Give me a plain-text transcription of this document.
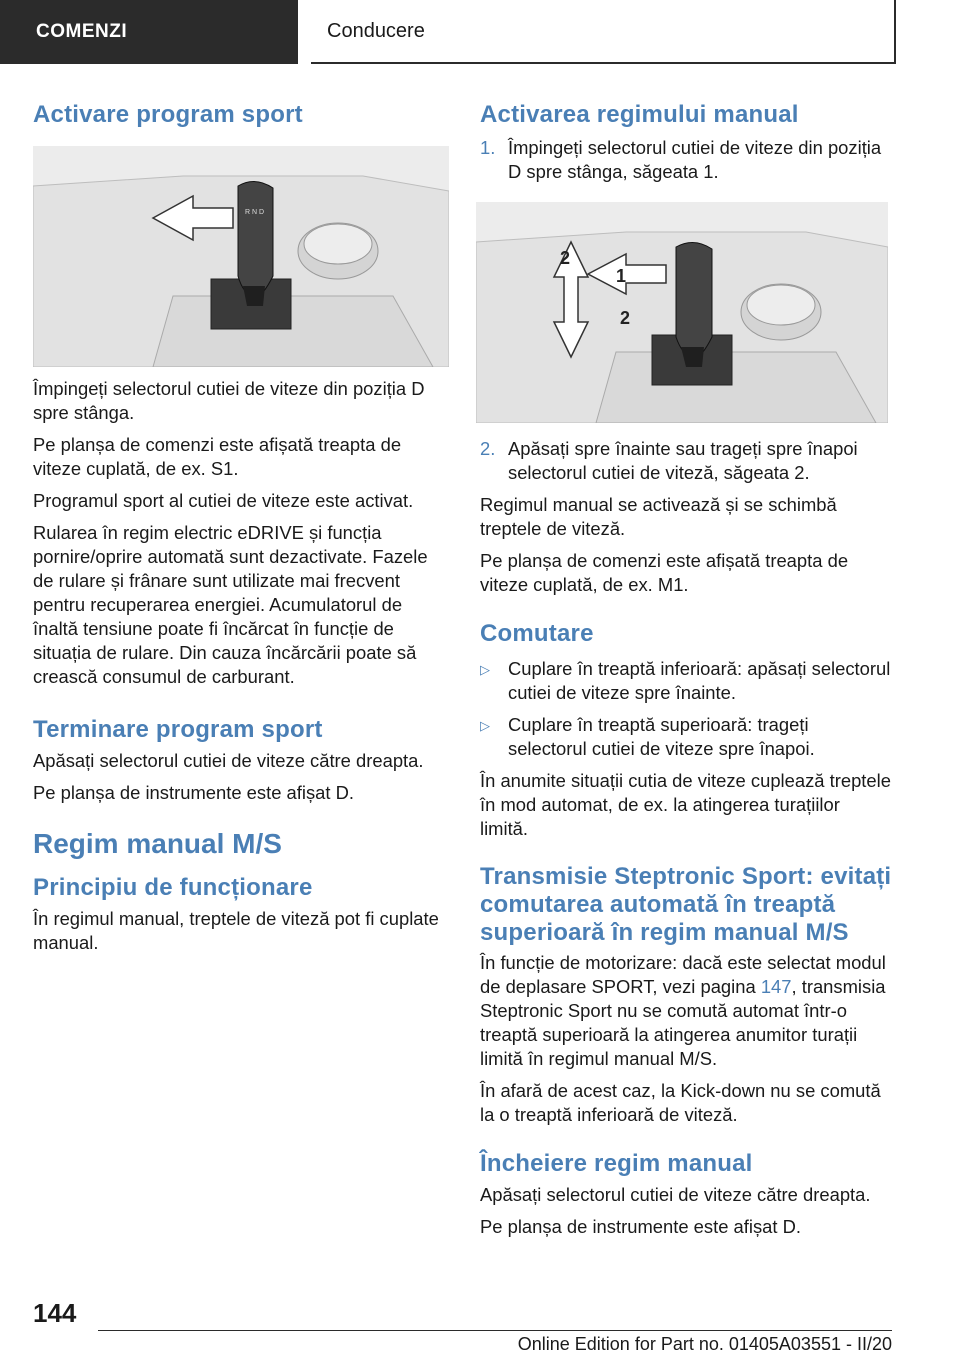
COMENZI	Conducere
Activare program sport
R N D

Împingeți selectorul cutiei de viteze din poziția D spre stânga.

Pe planșa de comenzi este afișată treapta de viteze cuplată, de ex. S1.

Programul sport al cutiei de viteze este activat.

Rularea în regim electric eDRIVE și funcția pornire/oprire automată sunt dezactivate. Fazele de rulare și frânare sunt utilizate mai frecvent pentru recuperarea energiei. Acumulatorul de înaltă tensiune poate fi încărcat în funcție de situația de rulare. Din cauza încărcării poate să crească consumul de carburant.

Terminare program sport

Apăsați selectorul cutiei de viteze către dreapta.

Pe planșa de instrumente este afișat D.

Regim manual M/S
Principiu de funcționare

În regimul manual, treptele de viteză pot fi cuplate manual.

Activarea regimului manual
1. Împingeți selectorul cutiei de viteze din poziția D spre stânga, săgeata 1.
1
2
2
2. Apăsați spre înainte sau trageți spre înapoi selectorul cutiei de viteză, săgeata 2.

Regimul manual se activează și se schimbă treptele de viteză.

Pe planșa de comenzi este afișată treapta de viteze cuplată, de ex. M1.

Comutare
▷ Cuplare în treaptă inferioară: apăsați selectorul cutiei de viteze spre înainte.
▷ Cuplare în treaptă superioară: trageți selectorul cutiei de viteze spre înapoi.

În anumite situații cutia de viteze cuplează treptele în mod automat, de ex. la atingerea turațiilor limită.

Transmisie Steptronic Sport: evitați comutarea automată în treaptă superioară în regim manual M/S

În funcție de motorizare: dacă este selectat modul de deplasare SPORT, vezi pagina 147, transmisia Steptronic Sport nu se comută automat într-o treaptă superioară la atingerea anumitor turații limită în regimul manual M/S.

În afară de acest caz, la Kick-down nu se comută la o treaptă inferioară de viteză.

Încheiere regim manual

Apăsați selectorul cutiei de viteze către dreapta.

Pe planșa de instrumente este afișat D.

144
Online Edition for Part no. 01405A03551 - II/20
